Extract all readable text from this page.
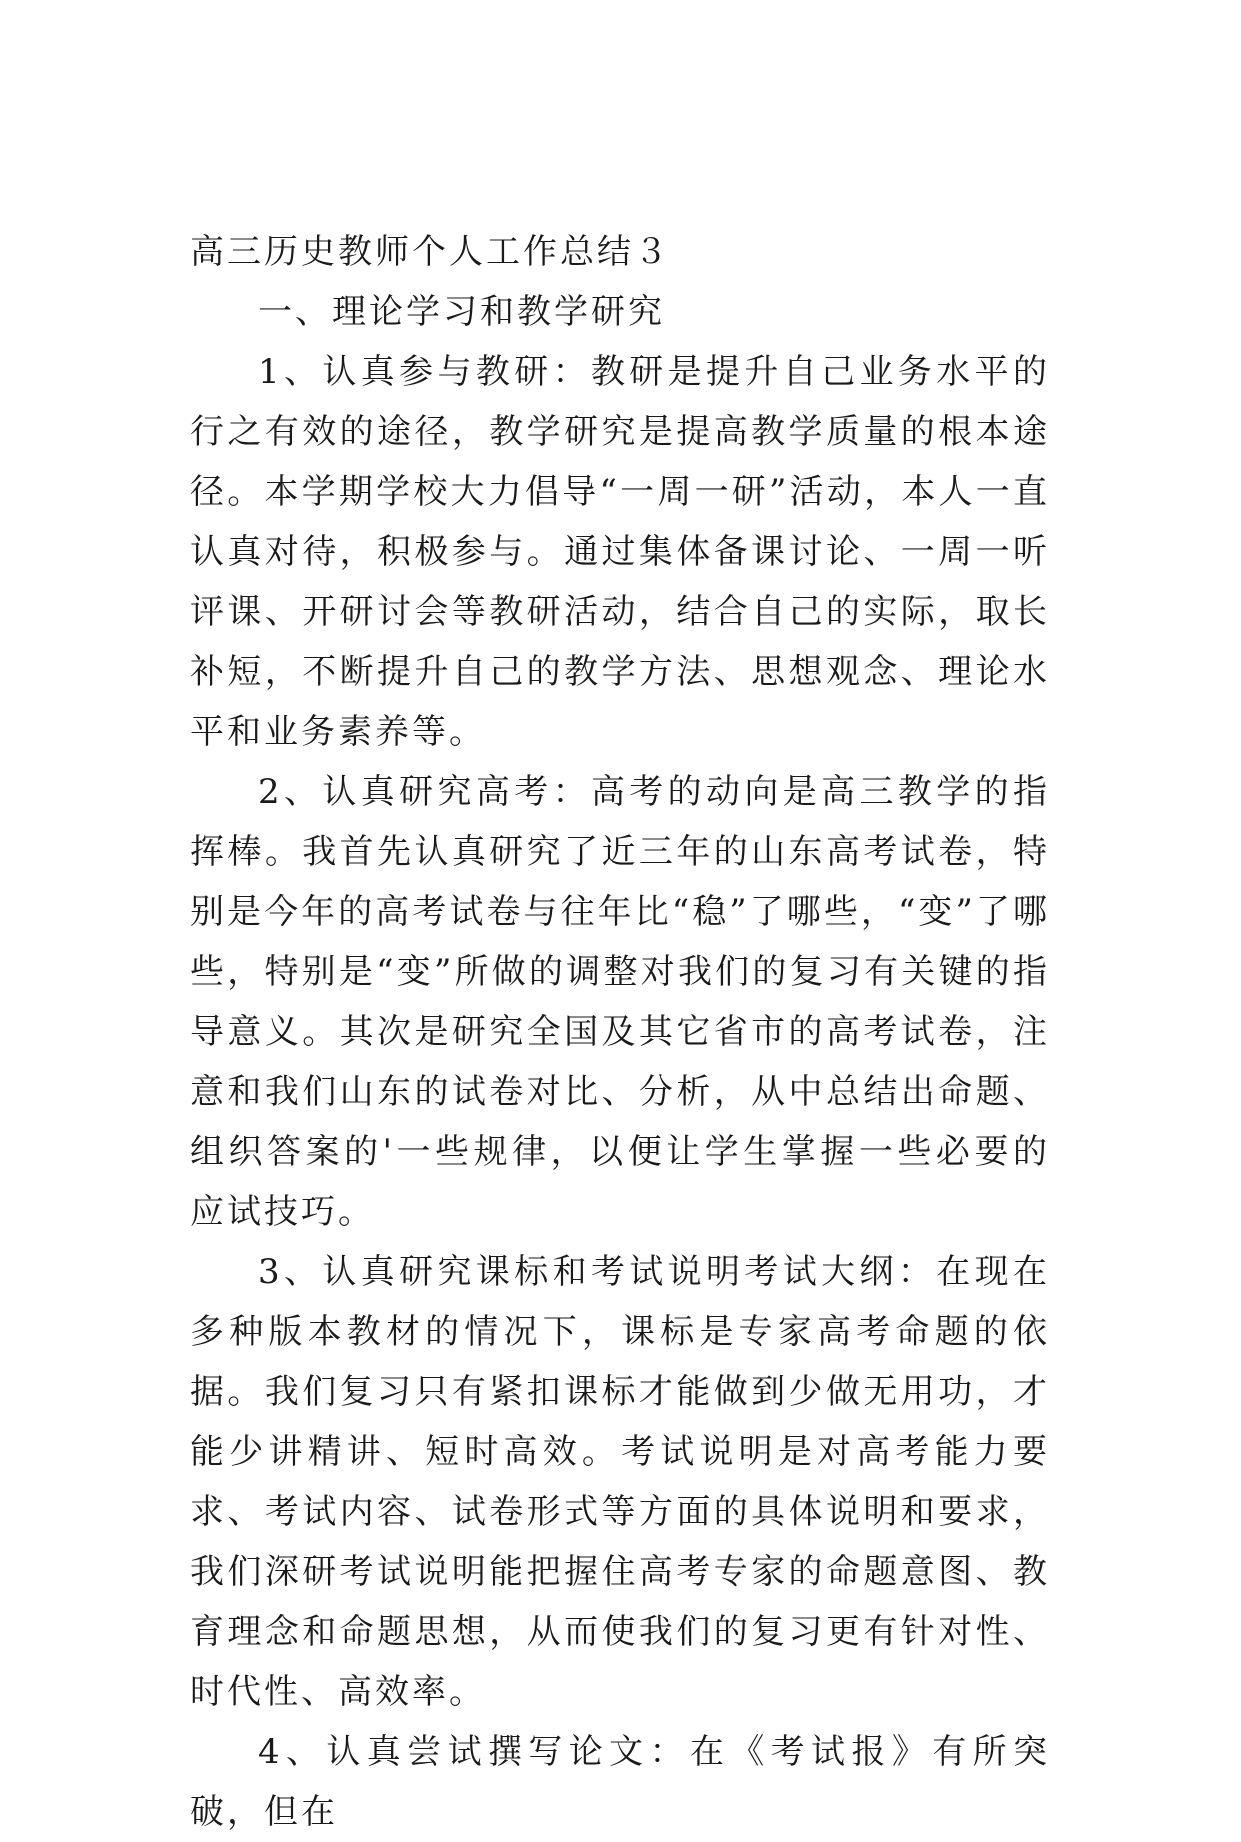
高三历史教师个人工作总结３

一、理论学习和教学研究

1、认真参与教研：教研是提升自己业务水平的行之有效的途径，教学研究是提高教学质量的根本途径。本学期学校大力倡导“一周一研”活动，本人一直认真对待，积极参与。通过集体备课讨论、一周一听评课、开研讨会等教研活动，结合自己的实际，取长补短，不断提升自己的教学方法、思想观念、理论水平和业务素养等。

2、认真研究高考：高考的动向是高三教学的指挥棒。我首先认真研究了近三年的山东高考试卷，特别是今年的高考试卷与往年比“稳”了哪些，“变”了哪些，特别是“变”所做的调整对我们的复习有关键的指导意义。其次是研究全国及其它省市的高考试卷，注意和我们山东的试卷对比、分析，从中总结出命题、组织答案的'一些规律，以便让学生掌握一些必要的应试技巧。

3、认真研究课标和考试说明考试大纲：在现在多种版本教材的情况下，课标是专家高考命题的依据。我们复习只有紧扣课标才能做到少做无用功，才能少讲精讲、短时高效。考试说明是对高考能力要求、考试内容、试卷形式等方面的具体说明和要求，我们深研考试说明能把握住高考专家的命题意图、教育理念和命题思想，从而使我们的复习更有针对性、时代性、高效率。

4、认真尝试撰写论文：在《考试报》有所突破，但在
